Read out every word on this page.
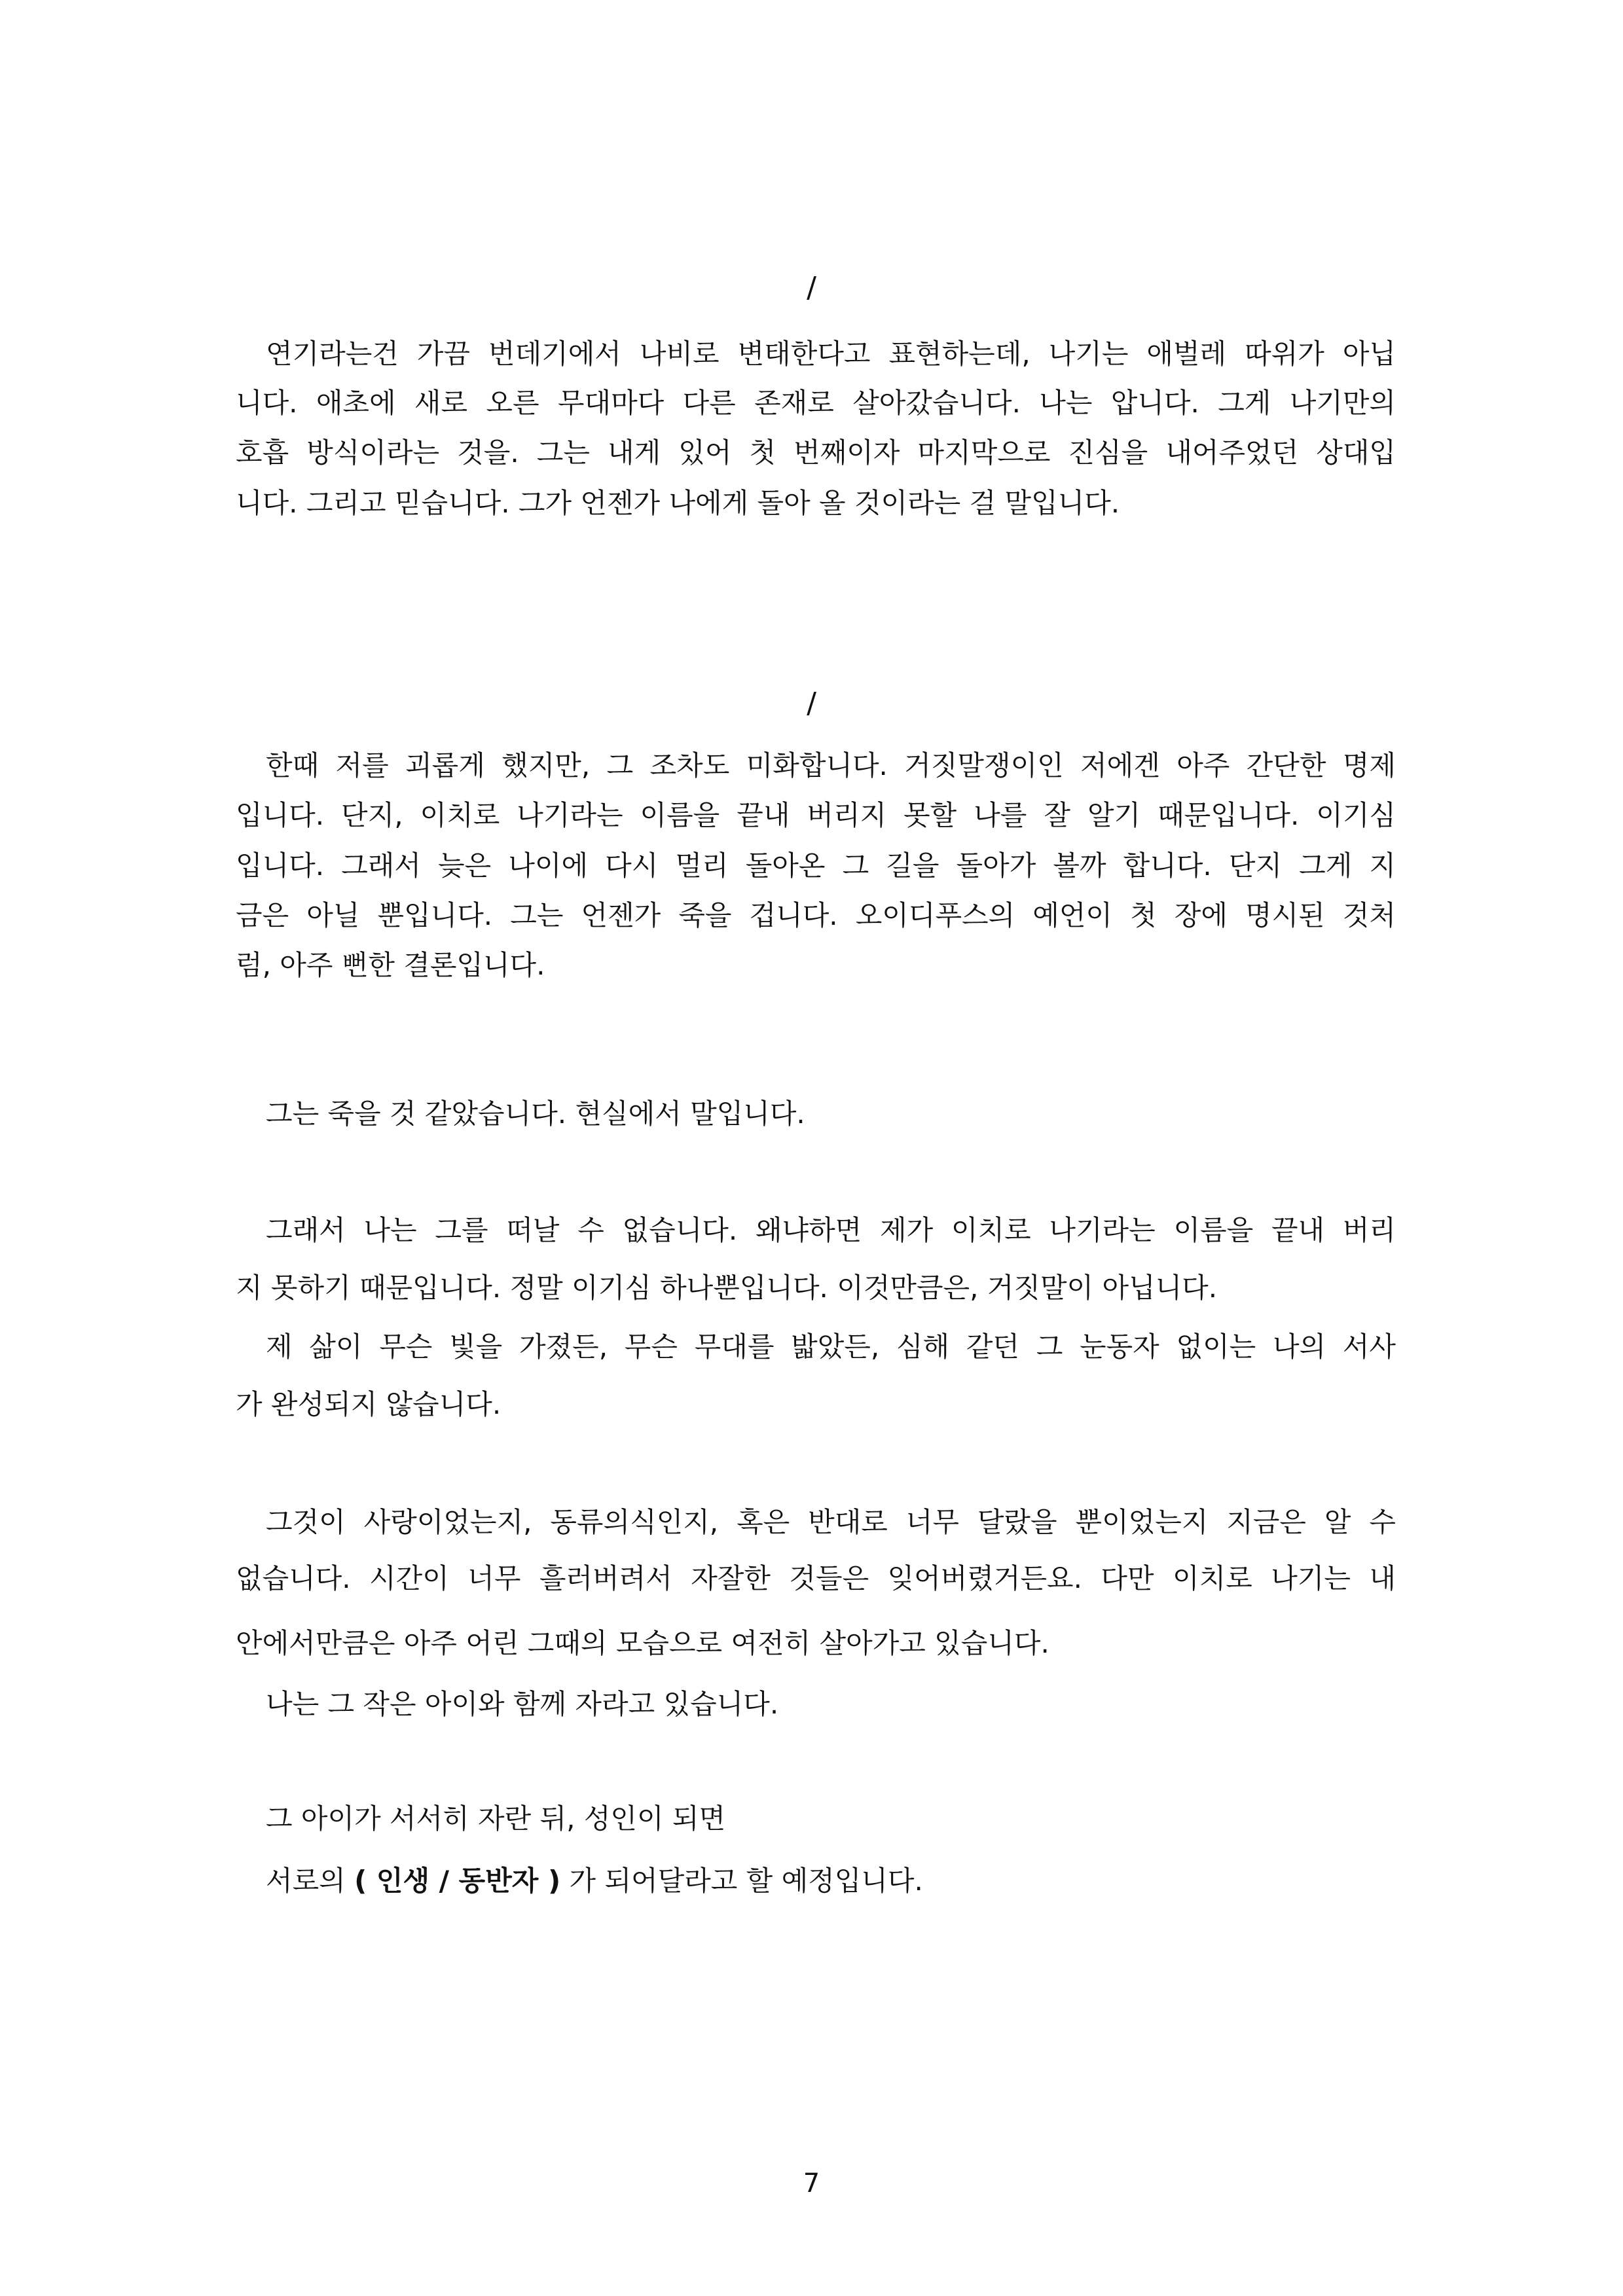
/
연기라는건 가끔 번데기에서 나비로 변태한다고 표현하는데, 나기는 애벌레 따위가 아닙
니다. 애초에 새로 오른 무대마다 다른 존재로 살아갔습니다. 나는 압니다. 그게 나기만의
호흡 방식이라는 것을. 그는 내게 있어 첫 번째이자 마지막으로 진심을 내어주었던 상대입
니다. 그리고 믿습니다. 그가 언젠가 나에게 돌아 올 것이라는 걸 말입니다.
/
한때 저를 괴롭게 했지만, 그 조차도 미화합니다. 거짓말쟁이인 저에겐 아주 간단한 명제
입니다. 단지, 이치로 나기라는 이름을 끝내 버리지 못할 나를 잘 알기 때문입니다. 이기심
입니다. 그래서 늦은 나이에 다시 멀리 돌아온 그 길을 돌아가 볼까 합니다. 단지 그게 지
금은 아닐 뿐입니다. 그는 언젠가 죽을 겁니다. 오이디푸스의 예언이 첫 장에 명시된 것처
럼, 아주 뻔한 결론입니다.
그는 죽을 것 같았습니다. 현실에서 말입니다.
그래서 나는 그를 떠날 수 없습니다. 왜냐하면 제가 이치로 나기라는 이름을 끝내 버리
지 못하기 때문입니다. 정말 이기심 하나뿐입니다. 이것만큼은, 거짓말이 아닙니다.
제 삶이 무슨 빛을 가졌든, 무슨 무대를 밟았든, 심해 같던 그 눈동자 없이는 나의 서사
가 완성되지 않습니다.
그것이 사랑이었는지, 동류의식인지, 혹은 반대로 너무 달랐을 뿐이었는지 지금은 알 수
없습니다. 시간이 너무 흘러버려서 자잘한 것들은 잊어버렸거든요. 다만 이치로 나기는 내
안에서만큼은 아주 어린 그때의 모습으로 여전히 살아가고 있습니다.
나는 그 작은 아이와 함께 자라고 있습니다.
그 아이가 서서히 자란 뒤, 성인이 되면
서로의 ( 인생 / 동반자 ) 가 되어달라고 할 예정입니다.
7
